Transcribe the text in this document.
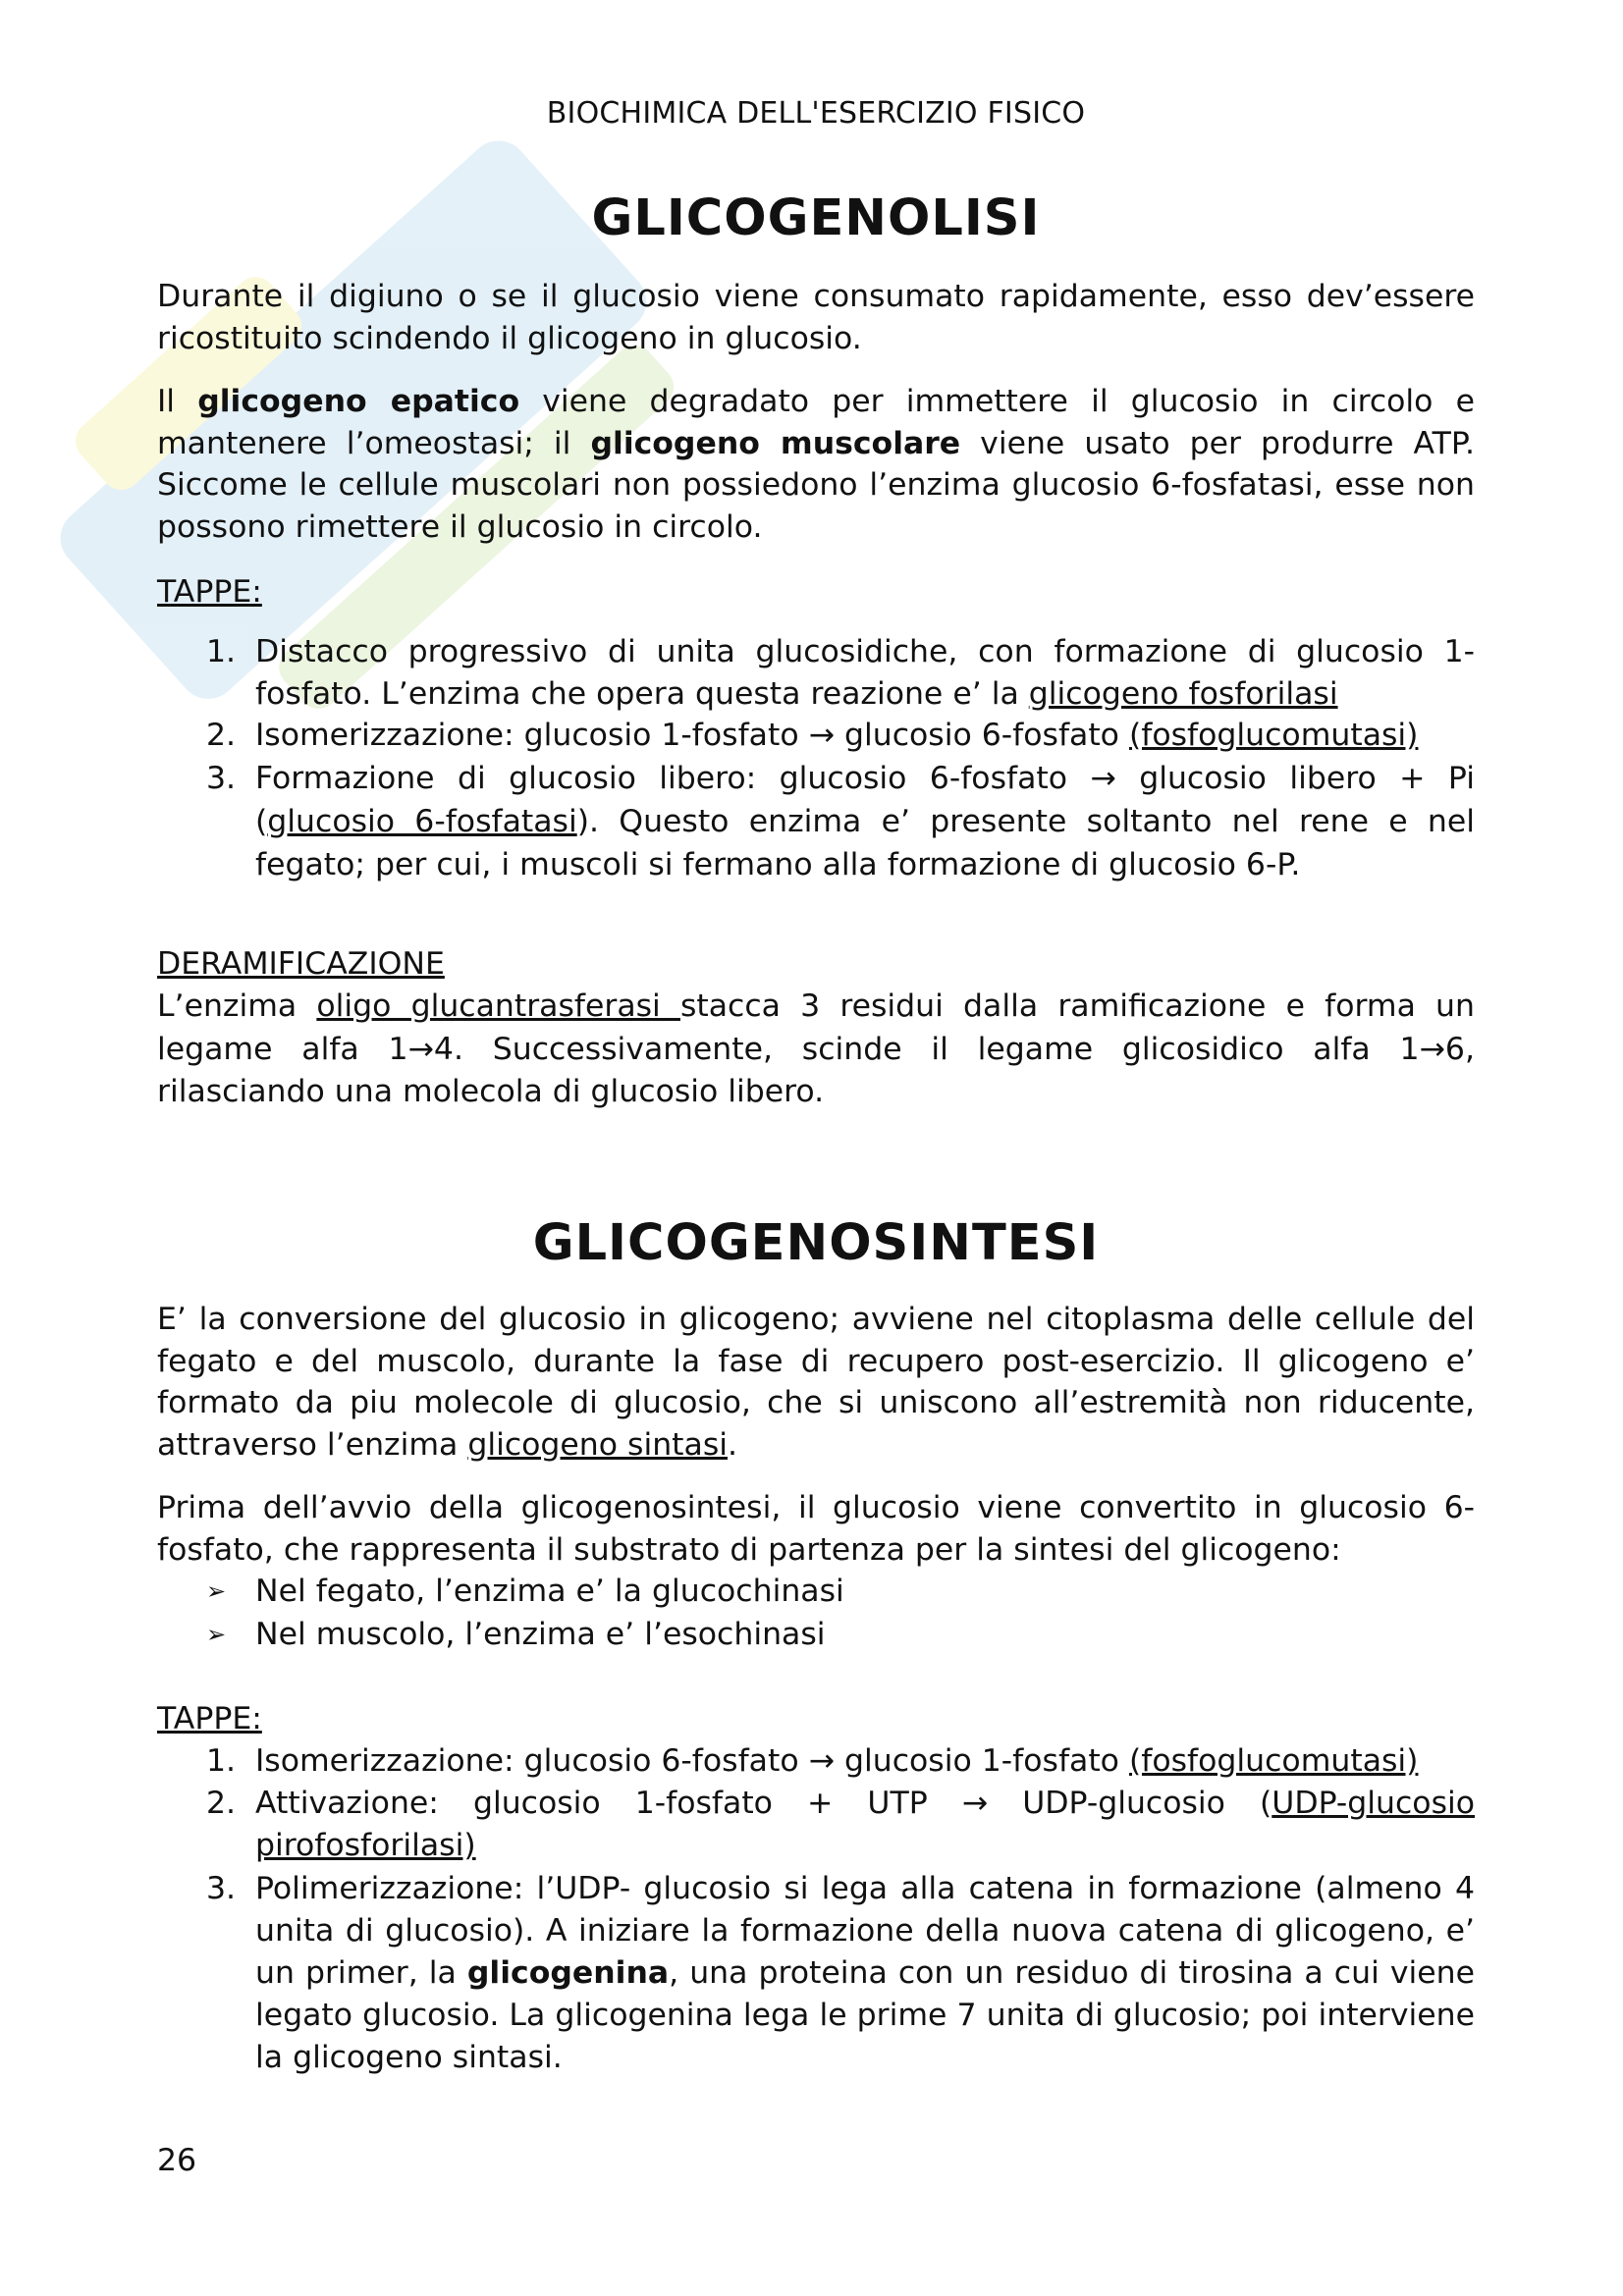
BIOCHIMICA DELL'ESERCIZIO FISICO
GLICOGENOLISI

Durante il digiuno o se il glucosio viene consumato rapidamente, esso dev’essere ricostituito scindendo il glicogeno in glucosio.

Il glicogeno epatico viene degradato per immettere il glucosio in circolo e mantenere l’omeostasi; il glicogeno muscolare viene usato per produrre ATP. Siccome le cellule muscolari non possiedono l’enzima glucosio 6-fosfatasi, esse non possono rimettere il glucosio in circolo.

TAPPE:
1. Distacco progressivo di unita glucosidiche, con formazione di glucosio 1-fosfato. L’enzima che opera questa reazione e’ la glicogeno fosforilasi
2. Isomerizzazione: glucosio 1-fosfato → glucosio 6-fosfato (fosfoglucomutasi)
3. Formazione di glucosio libero: glucosio 6-fosfato → glucosio libero + Pi (glucosio 6-fosfatasi). Questo enzima e’ presente soltanto nel rene e nel fegato; per cui, i muscoli si fermano alla formazione di glucosio 6-P.
DERAMIFICAZIONE

L’enzima oligo glucantrasferasi stacca 3 residui dalla ramificazione e forma un legame alfa 1→4. Successivamente, scinde il legame glicosidico alfa 1→6, rilasciando una molecola di glucosio libero.

GLICOGENOSINTESI

E’ la conversione del glucosio in glicogeno; avviene nel citoplasma delle cellule del fegato e del muscolo, durante la fase di recupero post-esercizio. Il glicogeno e’ formato da piu molecole di glucosio, che si uniscono all’estremità non riducente, attraverso l’enzima glicogeno sintasi.

Prima dell’avvio della glicogenosintesi, il glucosio viene convertito in glucosio 6-fosfato, che rappresenta il substrato di partenza per la sintesi del glicogeno:

➢ Nel fegato, l’enzima e’ la glucochinasi
➢ Nel muscolo, l’enzima e’ l’esochinasi
TAPPE:
1. Isomerizzazione: glucosio 6-fosfato → glucosio 1-fosfato (fosfoglucomutasi)
2. Attivazione: glucosio 1-fosfato + UTP → UDP-glucosio (UDP-glucosio pirofosforilasi)
3. Polimerizzazione: l’UDP- glucosio si lega alla catena in formazione (almeno 4 unita di glucosio). A iniziare la formazione della nuova catena di glicogeno, e’ un primer, la glicogenina, una proteina con un residuo di tirosina a cui viene legato glucosio. La glicogenina lega le prime 7 unita di glucosio; poi interviene la glicogeno sintasi.
26
